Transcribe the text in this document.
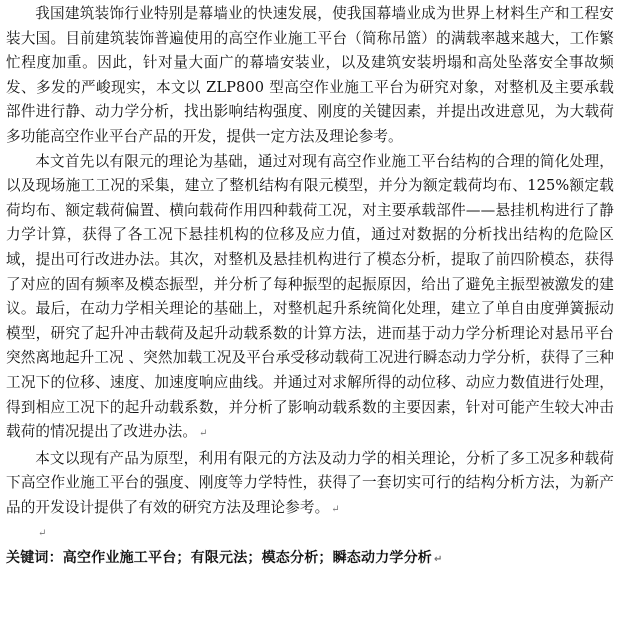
我国建筑装饰行业特别是幕墙业的快速发展，使我国幕墙业成为世界上材料生产和工程安装大国。目前建筑装饰普遍使用的高空作业施工平台（简称吊篮）的满载率越来越大，工作繁忙程度加重。因此，针对量大面广的幕墙安装业，以及建筑安装坍塌和高处坠落安全事故频发、多发的严峻现实，本文以 ZLP800 型高空作业施工平台为研究对象，对整机及主要承载部件进行静、动力学分析，找出影响结构强度、刚度的关键因素，并提出改进意见，为大载荷多功能高空作业平台产品的开发，提供一定方法及理论参考。

本文首先以有限元的理论为基础，通过对现有高空作业施工平台结构的合理的简化处理，以及现场施工工况的采集，建立了整机结构有限元模型，并分为额定载荷均布、125%额定载荷均布、额定载荷偏置、横向载荷作用四种载荷工况，对主要承载部件——悬挂机构进行了静力学计算，获得了各工况下悬挂机构的位移及应力值，通过对数据的分析找出结构的危险区域，提出可行改进办法。其次，对整机及悬挂机构进行了模态分析，提取了前四阶模态，获得了对应的固有频率及模态振型，并分析了每种振型的起振原因，给出了避免主振型被激发的建议。最后，在动力学相关理论的基础上，对整机起升系统简化处理，建立了单自由度弹簧振动模型，研究了起升冲击载荷及起升动载系数的计算方法，进而基于动力学分析理论对悬吊平台突然离地起升工况 、突然加载工况及平台承受移动载荷工况进行瞬态动力学分析，获得了三种工况下的位移、速度、加速度响应曲线。并通过对求解所得的动位移、动应力数值进行处理，得到相应工况下的起升动载系数，并分析了影响动载系数的主要因素，针对可能产生较大冲击载荷的情况提出了改进办法。 ↵

本文以现有产品为原型，利用有限元的方法及动力学的相关理论，分析了多工况多种载荷下高空作业施工平台的强度、刚度等力学特性，获得了一套切实可行的结构分析方法，为新产品的开发设计提供了有效的研究方法及理论参考。 ↵

↵

关键词：高空作业施工平台；有限元法；模态分析；瞬态动力学分析 ↵
